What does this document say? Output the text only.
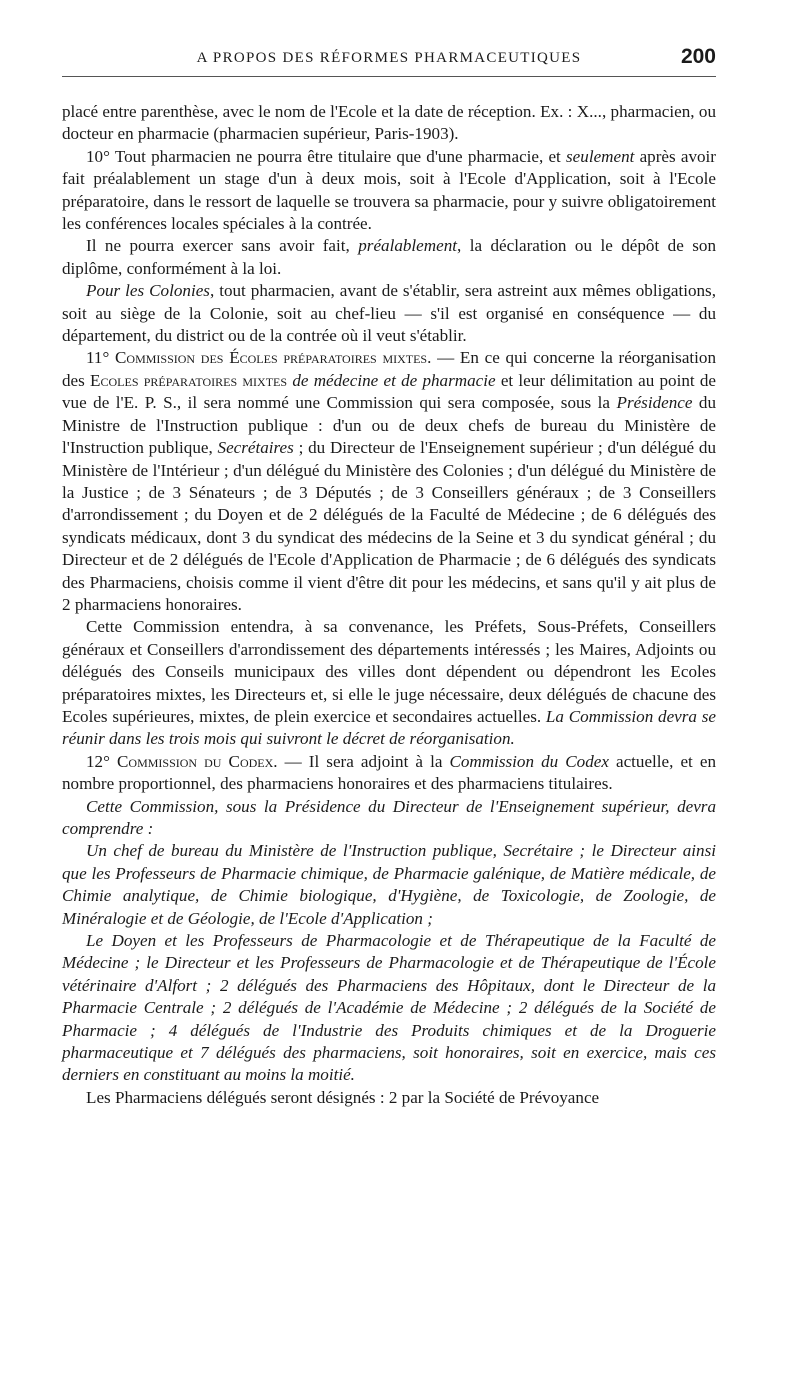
A PROPOS DES RÉFORMES PHARMACEUTIQUES	200

placé entre parenthèse, avec le nom de l'Ecole et la date de réception. Ex. : X..., pharmacien, ou docteur en pharmacie (pharmacien supérieur, Paris-1903).

10° Tout pharmacien ne pourra être titulaire que d'une pharmacie, et seulement après avoir fait préalablement un stage d'un à deux mois, soit à l'Ecole d'Application, soit à l'Ecole préparatoire, dans le ressort de laquelle se trouvera sa pharmacie, pour y suivre obligatoirement les conférences locales spéciales à la contrée.

Il ne pourra exercer sans avoir fait, préalablement, la déclaration ou le dépôt de son diplôme, conformément à la loi.

Pour les Colonies, tout pharmacien, avant de s'établir, sera astreint aux mêmes obligations, soit au siège de la Colonie, soit au chef-lieu — s'il est organisé en conséquence — du département, du district ou de la contrée où il veut s'établir.

11° Commission des Écoles préparatoires mixtes. — En ce qui concerne la réorganisation des Ecoles préparatoires mixtes de médecine et de pharmacie et leur délimitation au point de vue de l'E. P. S., il sera nommé une Commission qui sera composée, sous la Présidence du Ministre de l'Instruction publique : d'un ou de deux chefs de bureau du Ministère de l'Instruction publique, Secrétaires ; du Directeur de l'Enseignement supérieur ; d'un délégué du Ministère de l'Intérieur ; d'un délégué du Ministère des Colonies ; d'un délégué du Ministère de la Justice ; de 3 Sénateurs ; de 3 Députés ; de 3 Conseillers généraux ; de 3 Conseillers d'arrondissement ; du Doyen et de 2 délégués de la Faculté de Médecine ; de 6 délégués des syndicats médicaux, dont 3 du syndicat des médecins de la Seine et 3 du syndicat général ; du Directeur et de 2 délégués de l'Ecole d'Application de Pharmacie ; de 6 délégués des syndicats des Pharmaciens, choisis comme il vient d'être dit pour les médecins, et sans qu'il y ait plus de 2 pharmaciens honoraires.

Cette Commission entendra, à sa convenance, les Préfets, Sous-Préfets, Conseillers généraux et Conseillers d'arrondissement des départements intéressés ; les Maires, Adjoints ou délégués des Conseils municipaux des villes dont dépendent ou dépendront les Ecoles préparatoires mixtes, les Directeurs et, si elle le juge nécessaire, deux délégués de chacune des Ecoles supérieures, mixtes, de plein exercice et secondaires actuelles. La Commission devra se réunir dans les trois mois qui suivront le décret de réorganisation.

12° Commission du Codex. — Il sera adjoint à la Commission du Codex actuelle, et en nombre proportionnel, des pharmaciens honoraires et des pharmaciens titulaires.

Cette Commission, sous la Présidence du Directeur de l'Enseignement supérieur, devra comprendre :

Un chef de bureau du Ministère de l'Instruction publique, Secrétaire ; le Directeur ainsi que les Professeurs de Pharmacie chimique, de Pharmacie galénique, de Matière médicale, de Chimie analytique, de Chimie biologique, d'Hygiène, de Toxicologie, de Zoologie, de Minéralogie et de Géologie, de l'Ecole d'Application ;

Le Doyen et les Professeurs de Pharmacologie et de Thérapeutique de la Faculté de Médecine ; le Directeur et les Professeurs de Pharmacologie et de Thérapeutique de l'École vétérinaire d'Alfort ; 2 délégués des Pharmaciens des Hôpitaux, dont le Directeur de la Pharmacie Centrale ; 2 délégués de l'Académie de Médecine ; 2 délégués de la Société de Pharmacie ; 4 délégués de l'Industrie des Produits chimiques et de la Droguerie pharmaceutique et 7 délégués des pharmaciens, soit honoraires, soit en exercice, mais ces derniers en constituant au moins la moitié.

Les Pharmaciens délégués seront désignés : 2 par la Société de Prévoyance
